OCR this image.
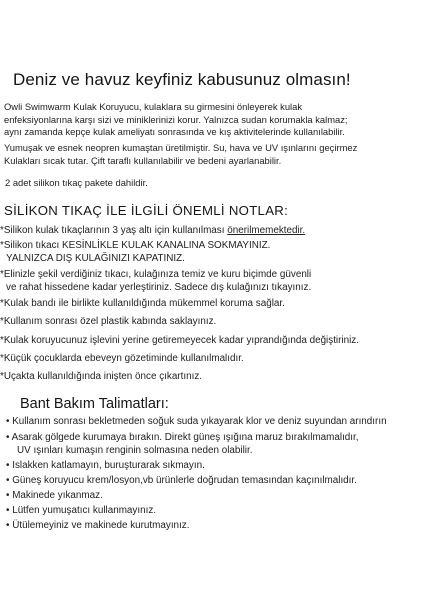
Deniz ve havuz keyfiniz kabusunuz olmasın!
Owli Swimwarm Kulak Koruyucu, kulaklara su girmesini önleyerek kulak
enfeksiyonlarına karşı sizi ve miniklerinizi korur. Yalnızca sudan korumakla kalmaz;
aynı zamanda kepçe kulak ameliyatı sonrasında ve kış aktivitelerinde kullanılabilir.
Yumuşak ve esnek neopren kumaştan üretilmiştir. Su, hava ve UV ışınlarını geçirmez
Kulakları sıcak tutar. Çift taraflı kullanılabilir ve bedeni ayarlanabilir.
2 adet silikon tıkaç pakete dahildir.
SİLİKON TIKAÇ İLE İLGİLİ ÖNEMLİ NOTLAR:
*Silikon kulak tıkaçlarının 3 yaş altı için kullanılması önerilmemektedir.
*Silikon tıkacı KESİNLİKLE KULAK KANALINA SOKMAYINIZ.
YALNIZCA DIŞ KULAĞINIZI KAPATINIZ.
*Elinizle şekil verdiğiniz tıkacı, kulağınıza temiz ve kuru biçimde güvenli
ve rahat hissedene kadar yerleştiriniz. Sadece dış kulağınızı tıkayınız.
*Kulak bandı ile birlikte kullanıldığında mükemmel koruma sağlar.
*Kullanım sonrası özel plastik kabında saklayınız.
*Kulak koruyucunuz işlevini yerine getiremeyecek kadar yıprandığında değiştiriniz.
*Küçük çocuklarda ebeveyn gözetiminde kullanılmalıdır.
*Uçakta kullanıldığında inişten önce çıkartınız.
Bant Bakım Talimatları:
• Kullanım sonrası bekletmeden soğuk suda yıkayarak klor ve deniz suyundan arındırın
• Asarak gölgede kurumaya bırakın. Direkt güneş ışığına maruz bırakılmamalıdır,
UV ışınları kumaşın renginin solmasına neden olabilir.
• Islakken katlamayın, buruşturarak sıkmayın.
• Güneş koruyucu krem/losyon,vb ürünlerle doğrudan temasından kaçınılmalıdır.
• Makinede yıkanmaz.
• Lütfen yumuşatıcı kullanmayınız.
• Ütülemeyiniz ve makinede kurutmayınız.
